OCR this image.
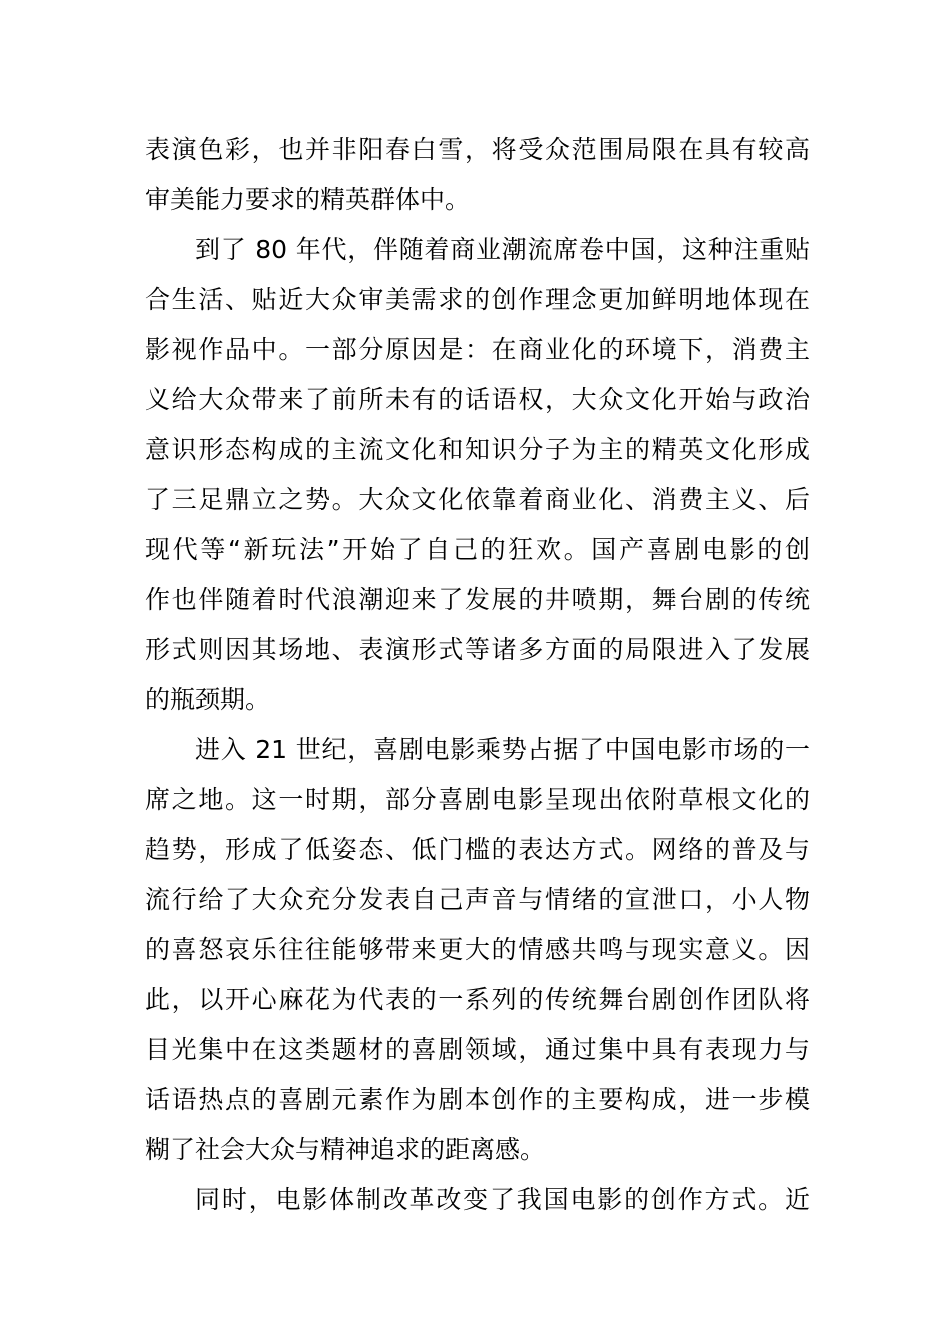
表演色彩，也并非阳春白雪，将受众范围局限在具有较高
审美能力要求的精英群体中。
到了 80 年代，伴随着商业潮流席卷中国，这种注重贴
合生活、贴近大众审美需求的创作理念更加鲜明地体现在
影视作品中。一部分原因是：在商业化的环境下，消费主
义给大众带来了前所未有的话语权，大众文化开始与政治
意识形态构成的主流文化和知识分子为主的精英文化形成
了三足鼎立之势。大众文化依靠着商业化、消费主义、后
现代等“新玩法”开始了自己的狂欢。国产喜剧电影的创
作也伴随着时代浪潮迎来了发展的井喷期，舞台剧的传统
形式则因其场地、表演形式等诸多方面的局限进入了发展
的瓶颈期。
进入 21 世纪，喜剧电影乘势占据了中国电影市场的一
席之地。这一时期，部分喜剧电影呈现出依附草根文化的
趋势，形成了低姿态、低门槛的表达方式。网络的普及与
流行给了大众充分发表自己声音与情绪的宣泄口，小人物
的喜怒哀乐往往能够带来更大的情感共鸣与现实意义。因
此，以开心麻花为代表的一系列的传统舞台剧创作团队将
目光集中在这类题材的喜剧领域，通过集中具有表现力与
话语热点的喜剧元素作为剧本创作的主要构成，进一步模
糊了社会大众与精神追求的距离感。
同时，电影体制改革改变了我国电影的创作方式。近
